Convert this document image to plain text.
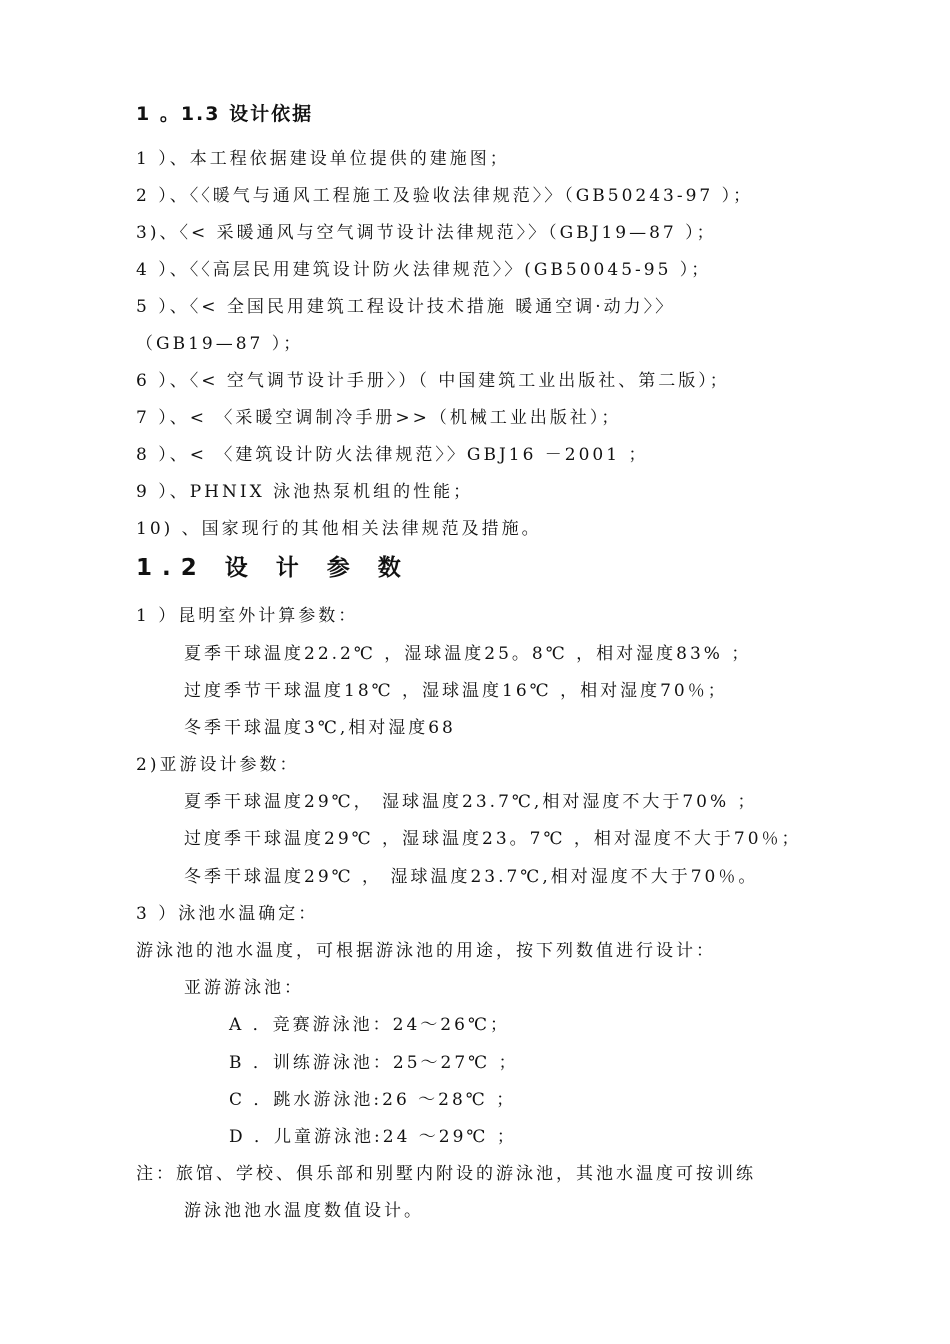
1 。1.3 设计依据
1 ）、本工程依据建设单位提供的建施图；
2 ）、〈〈暖气与通风工程施工及验收法律规范〉〉（GB50243-97 ）；
3)、〈< 采暖通风与空气调节设计法律规范〉〉（GBJ19—87 ）；
4 ）、〈〈高层民用建筑设计防火法律规范〉〉(GB50045-95 ）；
5 ）、〈< 全国民用建筑工程设计技术措施 暖通空调·动力〉〉
（GB19—87 ）；
6 ）、〈< 空气调节设计手册〉）（ 中国建筑工业出版社、第二版）；
7 ）、< 〈采暖空调制冷手册>>（机械工业出版社）；
8 ）、< 〈建筑设计防火法律规范〉〉GBJ16 －2001 ；
9 ）、PHNIX 泳池热泵机组的性能；
10) 、国家现行的其他相关法律规范及措施。
1.2 设 计 参 数
1 ）昆明室外计算参数：
夏季干球温度22.2℃ ，湿球温度25。8℃ ，相对湿度83% ；
过度季节干球温度18℃ ，湿球温度16℃ ，相对湿度70％；
冬季干球温度3℃,相对湿度68
2)亚游设计参数：
夏季干球温度29℃， 湿球温度23.7℃,相对湿度不大于70% ；
过度季干球温度29℃ ，湿球温度23。7℃ ，相对湿度不大于70％；
冬季干球温度29℃ ， 湿球温度23.7℃,相对湿度不大于70％。
3 ）泳池水温确定：
游泳池的池水温度，可根据游泳池的用途，按下列数值进行设计：
亚游游泳池：
A ．竞赛游泳池：24～26℃；
B ．训练游泳池：25～27℃ ；
C ．跳水游泳池:26 ～28℃ ；
D ．儿童游泳池:24 ～29℃ ；
注：旅馆、学校、俱乐部和别墅内附设的游泳池，其池水温度可按训练
游泳池池水温度数值设计。
